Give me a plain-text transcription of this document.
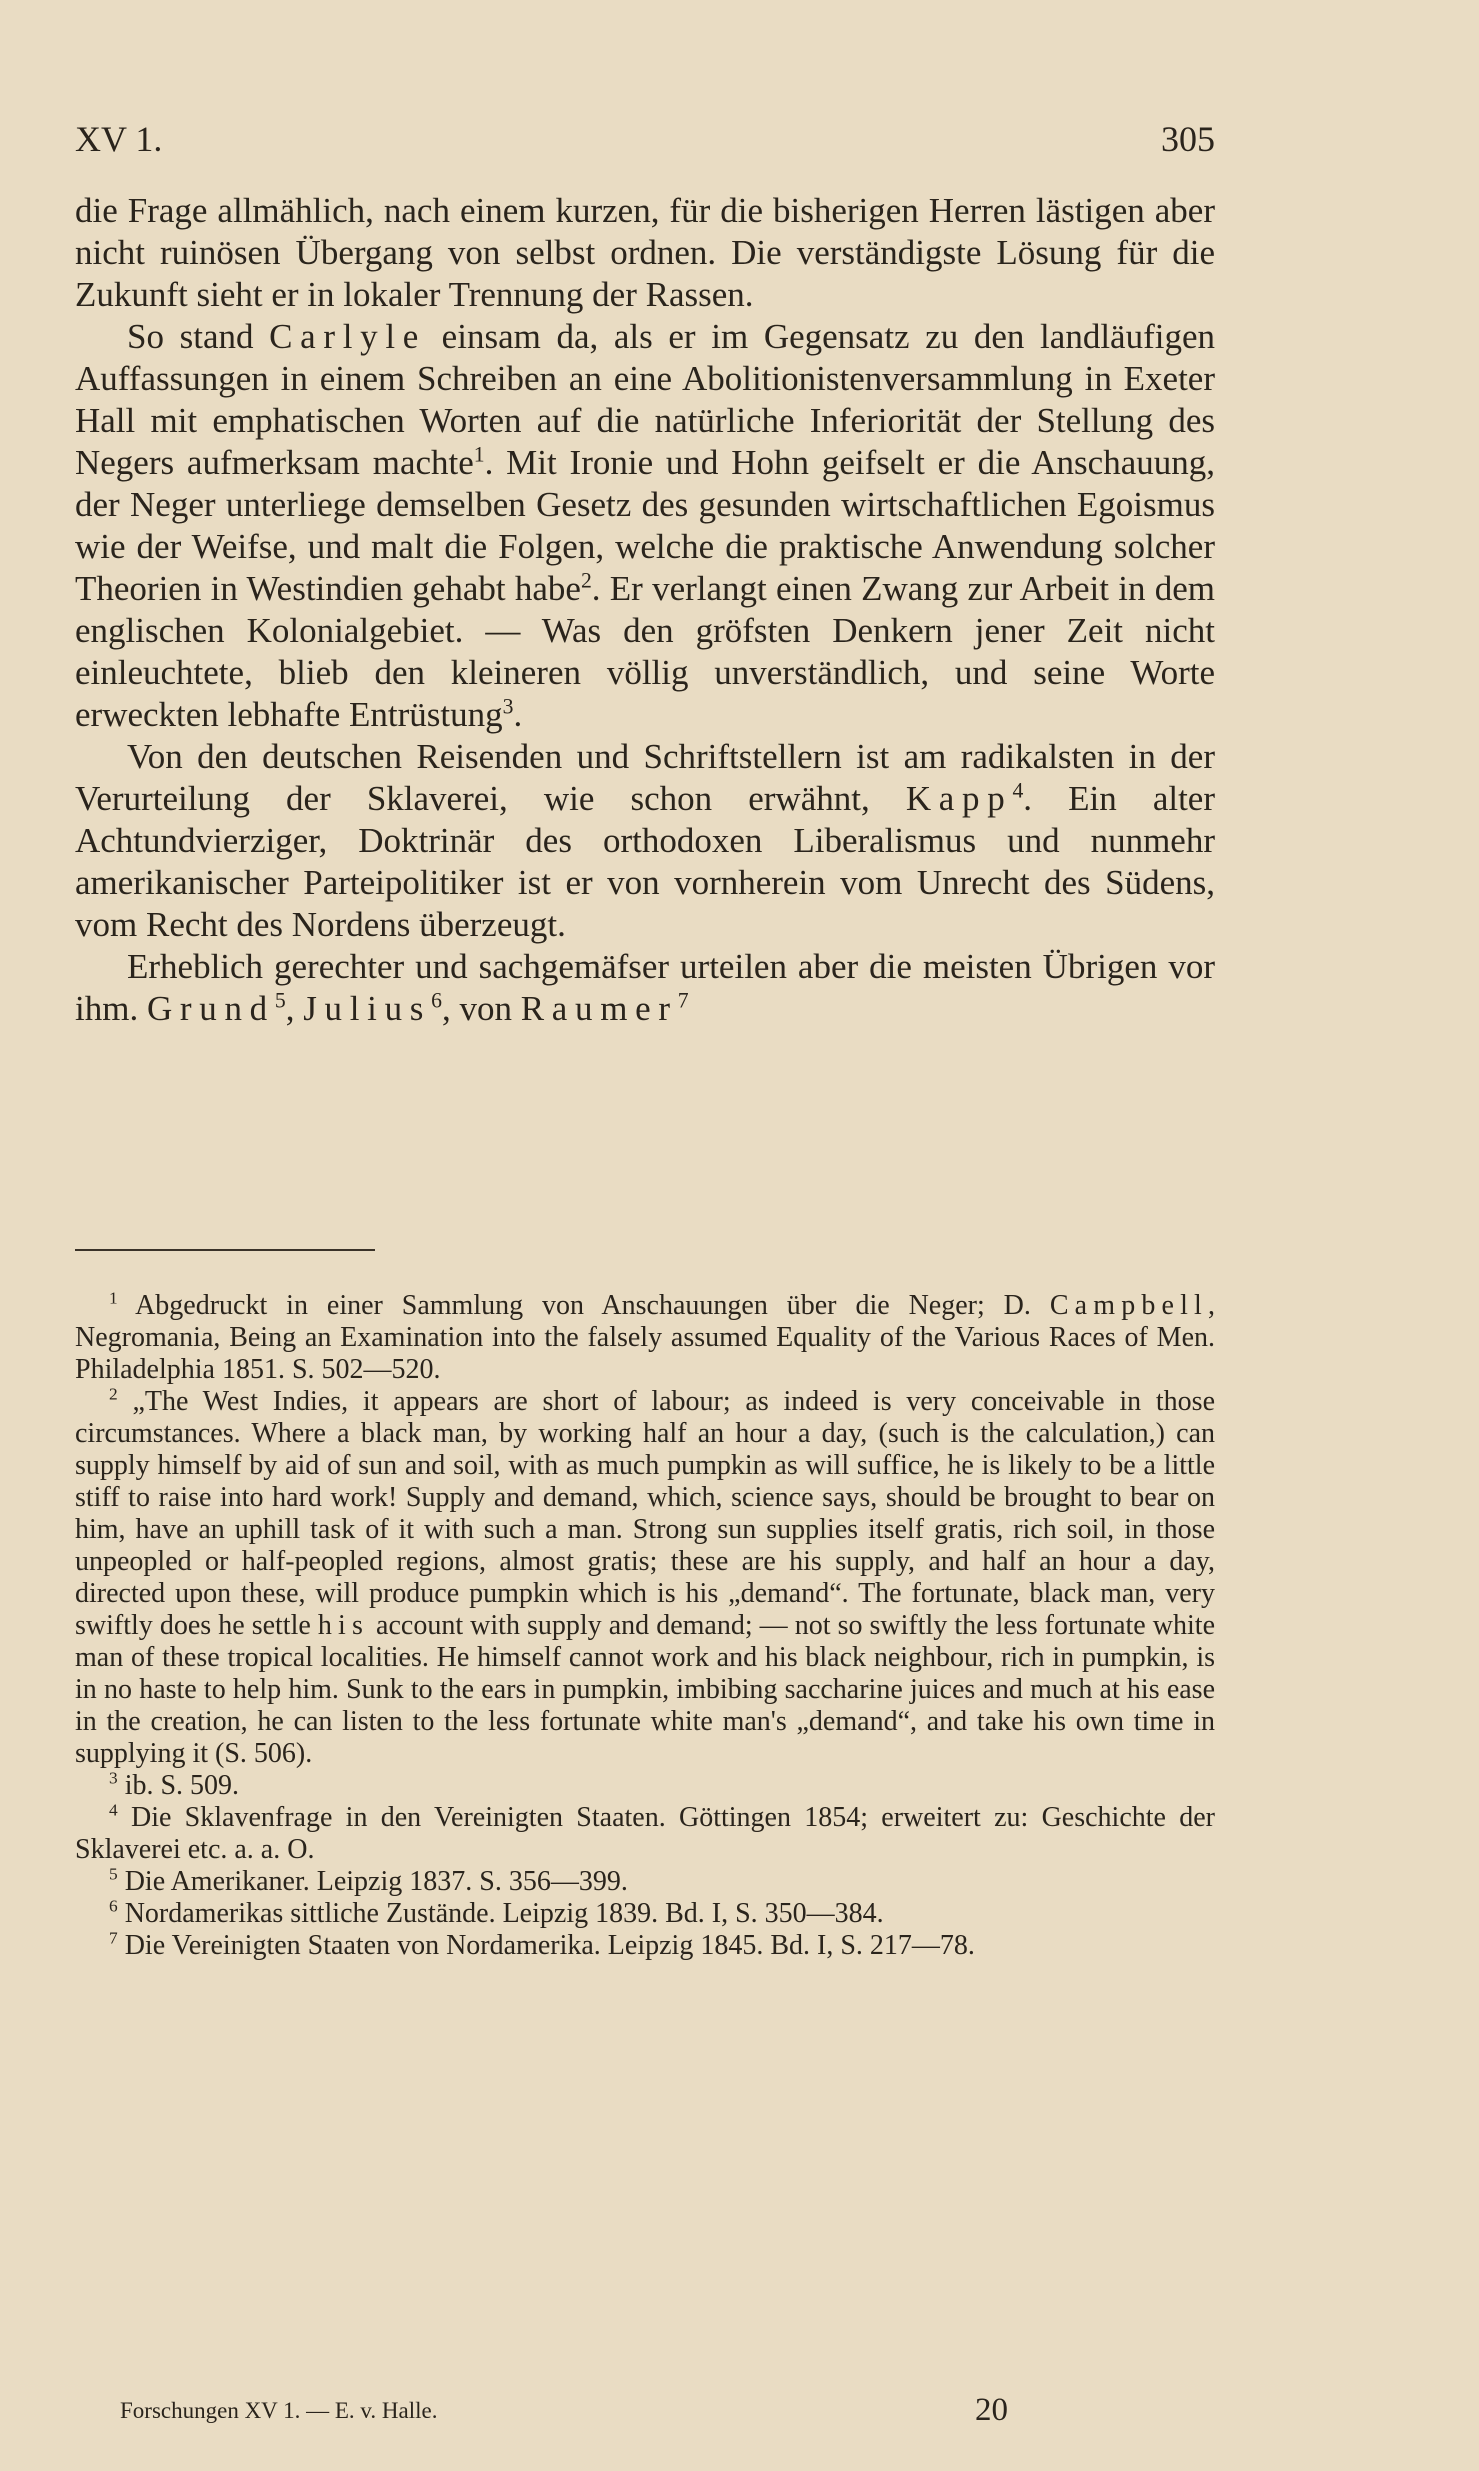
XV 1.	305

die Frage allmählich, nach einem kurzen, für die bisherigen Herren lästigen aber nicht ruinösen Übergang von selbst ordnen. Die verständigste Lösung für die Zukunft sieht er in lokaler Trennung der Rassen.

So stand Carlyle einsam da, als er im Gegensatz zu den landläufigen Auffassungen in einem Schreiben an eine Abolitionistenversammlung in Exeter Hall mit emphatischen Worten auf die natürliche Inferiorität der Stellung des Negers aufmerksam machte$^1$. Mit Ironie und Hohn geifselt er die Anschauung, der Neger unterliege demselben Gesetz des gesunden wirtschaftlichen Egoismus wie der Weifse, und malt die Folgen, welche die praktische Anwendung solcher Theorien in Westindien gehabt habe$^2$. Er verlangt einen Zwang zur Arbeit in dem englischen Kolonialgebiet. — Was den gröfsten Denkern jener Zeit nicht einleuchtete, blieb den kleineren völlig unverständlich, und seine Worte erweckten lebhafte Entrüstung$^3$.

Von den deutschen Reisenden und Schriftstellern ist am radikalsten in der Verurteilung der Sklaverei, wie schon erwähnt, Kapp$^4$. Ein alter Achtundvierziger, Doktrinär des orthodoxen Liberalismus und nunmehr amerikanischer Parteipolitiker ist er von vornherein vom Unrecht des Südens, vom Recht des Nordens überzeugt.

Erheblich gerechter und sachgemäfser urteilen aber die meisten Übrigen vor ihm. Grund$^5$, Julius$^6$, von Raumer$^7$

$^1$ Abgedruckt in einer Sammlung von Anschauungen über die Neger; D. Campbell, Negromania, Being an Examination into the falsely assumed Equality of the Various Races of Men. Philadelphia 1851. S. 502—520.

$^2$ „The West Indies, it appears are short of labour; as indeed is very conceivable in those circumstances. Where a black man, by working half an hour a day, (such is the calculation,) can supply himself by aid of sun and soil, with as much pumpkin as will suffice, he is likely to be a little stiff to raise into hard work! Supply and demand, which, science says, should be brought to bear on him, have an uphill task of it with such a man. Strong sun supplies itself gratis, rich soil, in those unpeopled or half-peopled regions, almost gratis; these are his supply, and half an hour a day, directed upon these, will produce pumpkin which is his „demand“. The fortunate, black man, very swiftly does he settle his account with supply and demand; — not so swiftly the less fortunate white man of these tropical localities. He himself cannot work and his black neighbour, rich in pumpkin, is in no haste to help him. Sunk to the ears in pumpkin, imbibing saccharine juices and much at his ease in the creation, he can listen to the less fortunate white man's „demand“, and take his own time in supplying it (S. 506).

$^3$ ib. S. 509.

$^4$ Die Sklavenfrage in den Vereinigten Staaten. Göttingen 1854; erweitert zu: Geschichte der Sklaverei etc. a. a. O.

$^5$ Die Amerikaner. Leipzig 1837. S. 356—399.

$^6$ Nordamerikas sittliche Zustände. Leipzig 1839. Bd. I, S. 350—384.

$^7$ Die Vereinigten Staaten von Nordamerika. Leipzig 1845. Bd. I, S. 217—78.

Forschungen XV 1. — E. v. Halle.	20
